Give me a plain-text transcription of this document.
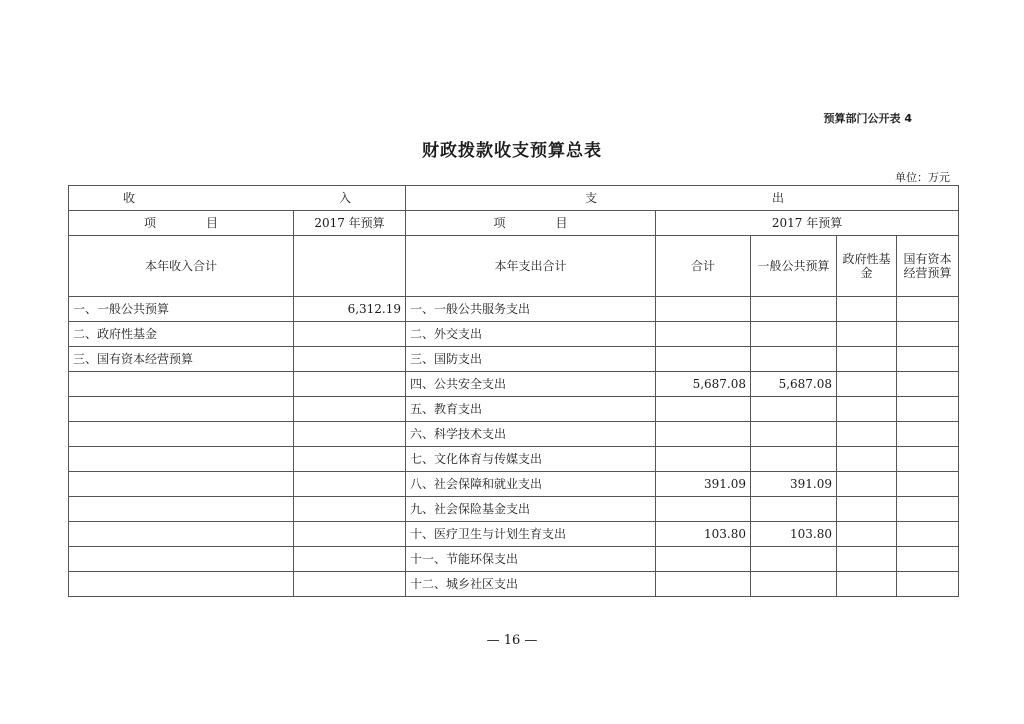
预算部门公开表 4
财政拨款收支预算总表
单位：万元
收 入		支 出				

项 目	2017 年预算	项 目	2017 年预算			
本年收入合计		本年支出合计	合计	一般公共预算	政府性基金	国有资本经营预算
一、一般公共预算	6,312.19	一、一般公共服务支出				
二、政府性基金		二、外交支出				
三、国有资本经营预算		三、国防支出				
		四、公共安全支出	5,687.08	5,687.08		
		五、教育支出				
		六、科学技术支出				
		七、文化体育与传媒支出				
		八、社会保障和就业支出	391.09	391.09		
		九、社会保险基金支出				
		十、医疗卫生与计划生育支出	103.80	103.80		
		十一、节能环保支出				
		十二、城乡社区支出				
— 16 —
